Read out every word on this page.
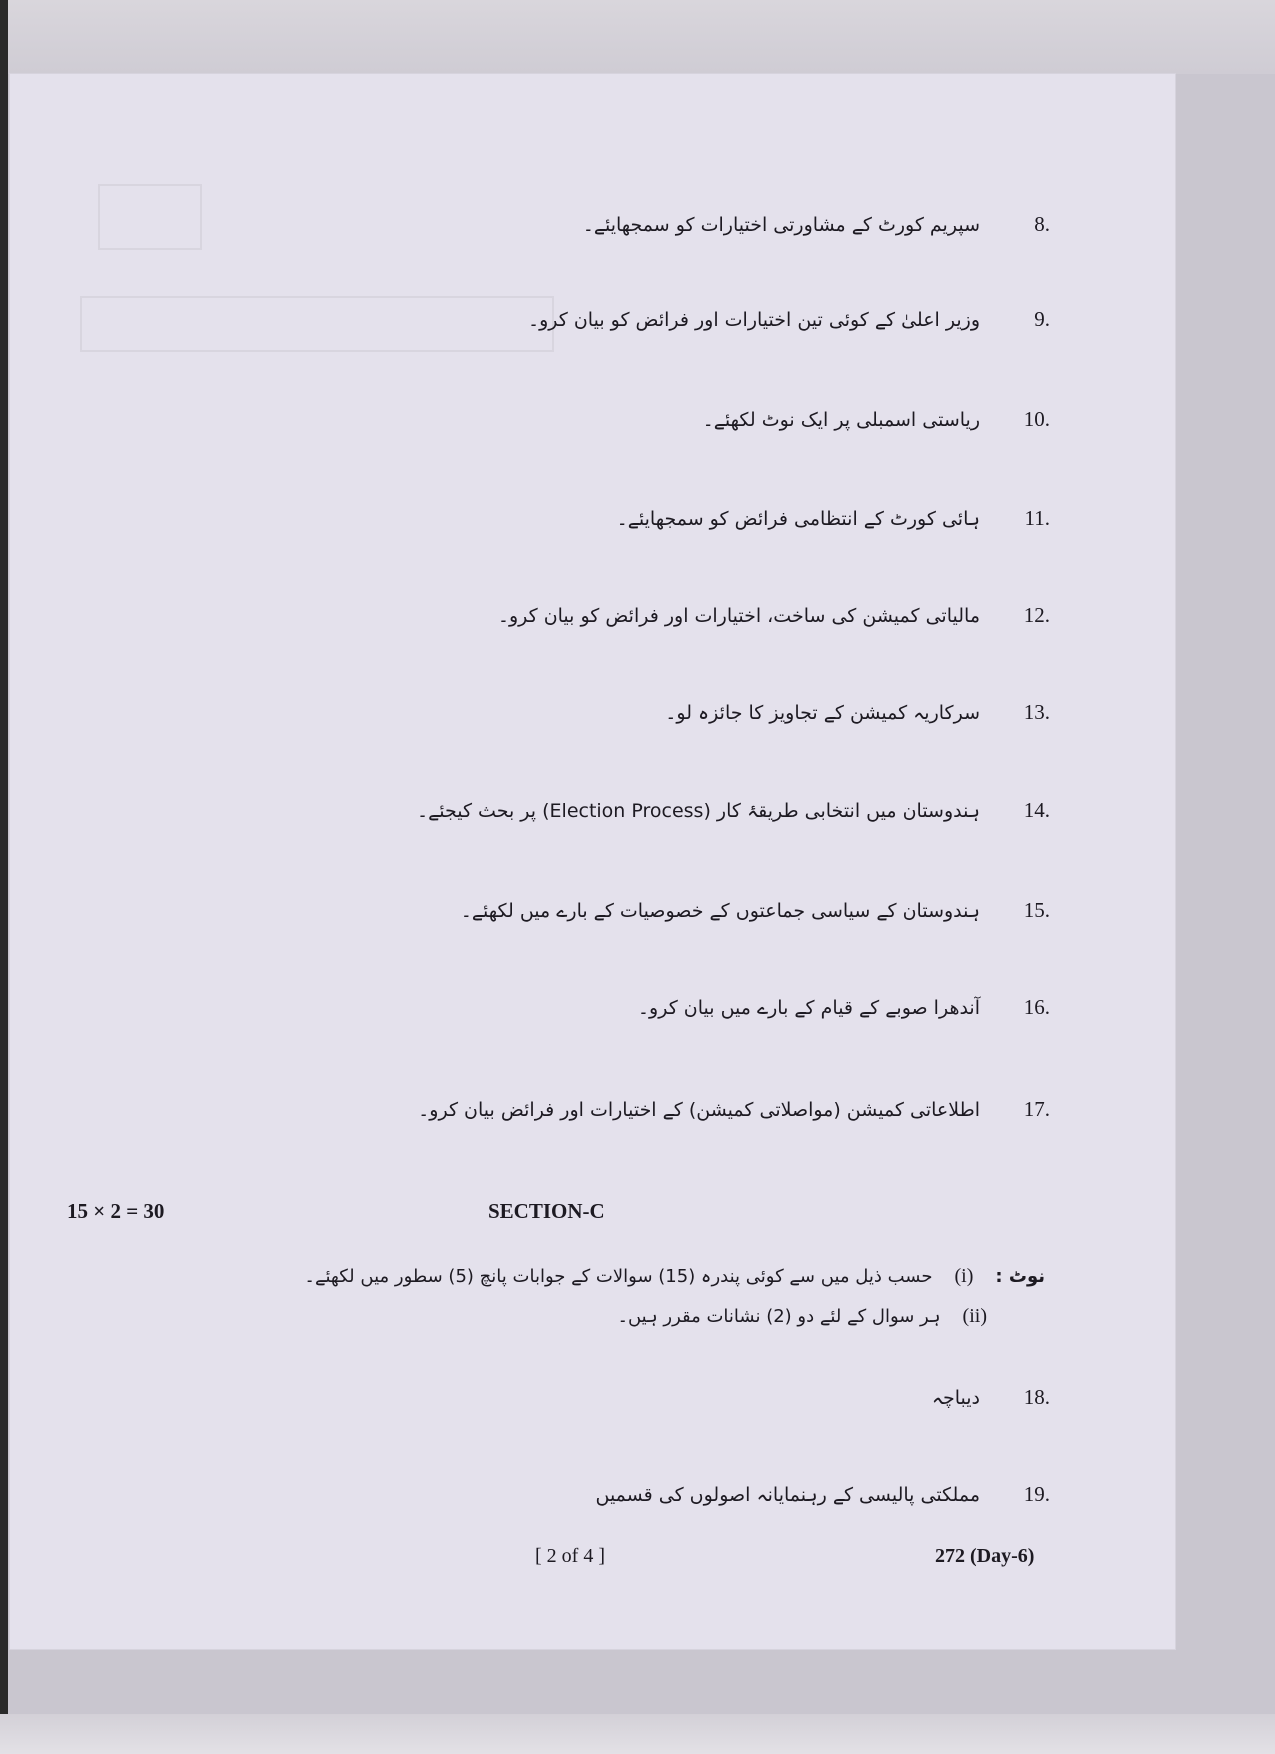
.8
سپریم کورٹ کے مشاورتی اختیارات کو سمجھایئے۔
.9
وزیر اعلیٰ کے کوئی تین اختیارات اور فرائض کو بیان کرو۔
.10
ریاستی اسمبلی پر ایک نوٹ لکھئے۔
.11
ہائی کورٹ کے انتظامی فرائض کو سمجھایئے۔
.12
مالیاتی کمیشن کی ساخت، اختیارات اور فرائض کو بیان کرو۔
.13
سرکاریہ کمیشن کے تجاویز کا جائزہ لو۔
.14
ہندوستان میں انتخابی طریقۂ کار (Election Process) پر بحث کیجئے۔
.15
ہندوستان کے سیاسی جماعتوں کے خصوصیات کے بارے میں لکھئے۔
.16
آندھرا صوبے کے قیام کے بارے میں بیان کرو۔
.17
اطلاعاتی کمیشن (مواصلاتی کمیشن) کے اختیارات اور فرائض بیان کرو۔
15 × 2 = 30	SECTION-C
نوٹ :
(i)
حسب ذیل میں سے کوئی پندرہ (15) سوالات کے جوابات پانچ (5) سطور میں لکھئے۔
(ii)
ہر سوال کے لئے دو (2) نشانات مقرر ہیں۔
.18
دیباچہ
.19
مملکتی پالیسی کے رہنمایانہ اصولوں کی قسمیں
[ 2 of 4 ]	272 (Day-6)
